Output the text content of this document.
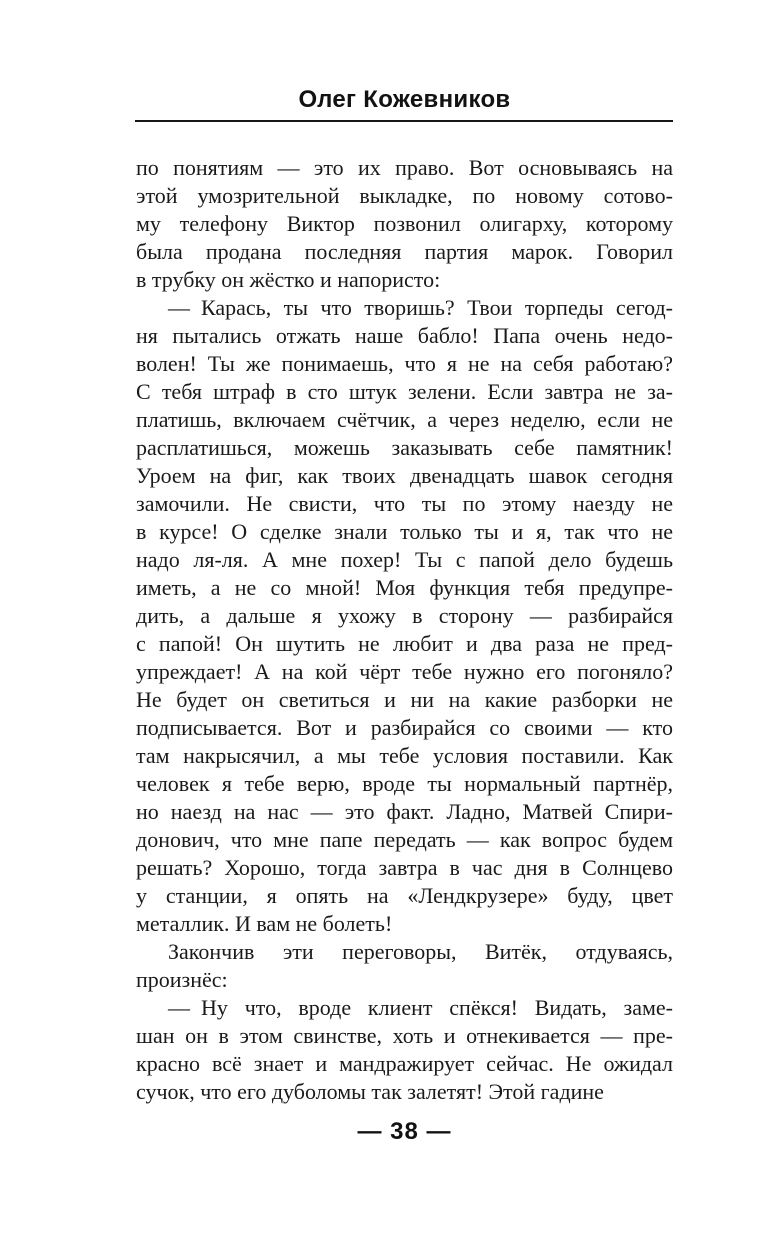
Олег Кожевников
по понятиям — это их право. Вот основываясь на
этой умозрительной выкладке, по новому сотово-
му телефону Виктор позвонил олигарху, которому
была продана последняя партия марок. Говорил
в трубку он жёстко и напористо:
— Карась, ты что творишь? Твои торпеды сегод-
ня пытались отжать наше бабло! Папа очень недо-
волен! Ты же понимаешь, что я не на себя работаю?
С тебя штраф в сто штук зелени. Если завтра не за-
платишь, включаем счётчик, а через неделю, если не
расплатишься, можешь заказывать себе памятник!
Уроем на фиг, как твоих двенадцать шавок сегодня
замочили. Не свисти, что ты по этому наезду не
в курсе! О сделке знали только ты и я, так что не
надо ля-ля. А мне похер! Ты с папой дело будешь
иметь, а не со мной! Моя функция тебя предупре-
дить, а дальше я ухожу в сторону — разбирайся
с папой! Он шутить не любит и два раза не пред-
упреждает! А на кой чёрт тебе нужно его погоняло?
Не будет он светиться и ни на какие разборки не
подписывается. Вот и разбирайся со своими — кто
там накрысячил, а мы тебе условия поставили. Как
человек я тебе верю, вроде ты нормальный партнёр,
но наезд на нас — это факт. Ладно, Матвей Спири-
донович, что мне папе передать — как вопрос будем
решать? Хорошо, тогда завтра в час дня в Солнцево
у станции, я опять на «Лендкрузере» буду, цвет
металлик. И вам не болеть!
Закончив эти переговоры, Витёк, отдуваясь,
произнёс:
— Ну что, вроде клиент спёкся! Видать, заме-
шан он в этом свинстве, хоть и отнекивается — пре-
красно всё знает и мандражирует сейчас. Не ожидал
сучок, что его дуболомы так залетят! Этой гадине
— 38 —
